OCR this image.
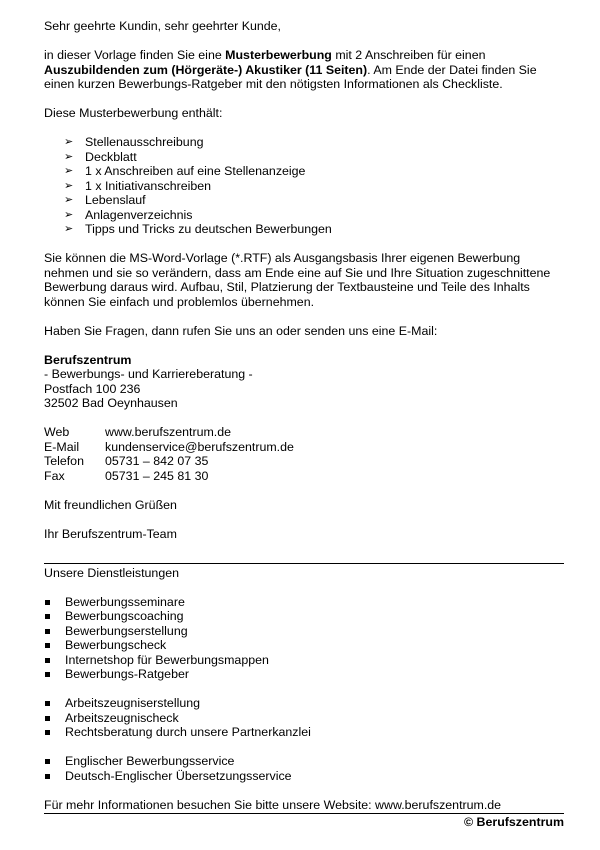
Sehr geehrte Kundin, sehr geehrter Kunde,

in dieser Vorlage finden Sie eine Musterbewerbung mit 2 Anschreiben für einen
Auszubildenden zum (Hörgeräte-) Akustiker (11 Seiten). Am Ende der Datei finden Sie einen kurzen Bewerbungs-Ratgeber mit den nötigsten Informationen als Checkliste.

Diese Musterbewerbung enthält:

➢ Stellenausschreibung
➢ Deckblatt
➢ 1 x Anschreiben auf eine Stellenanzeige
➢ 1 x Initiativanschreiben
➢ Lebenslauf
➢ Anlagenverzeichnis
➢ Tipps und Tricks zu deutschen Bewerbungen

Sie können die MS-Word-Vorlage (*.RTF) als Ausgangsbasis Ihrer eigenen Bewerbung nehmen und sie so verändern, dass am Ende eine auf Sie und Ihre Situation zugeschnittene Bewerbung daraus wird. Aufbau, Stil, Platzierung der Textbausteine und Teile des Inhalts können Sie einfach und problemlos übernehmen.

Haben Sie Fragen, dann rufen Sie uns an oder senden uns eine E-Mail:

Berufszentrum

- Bewerbungs- und Karriereberatung -

Postfach 100 236

32502 Bad Oeynhausen

Web	www.berufszentrum.de
E-Mail	kundenservice@berufszentrum.de
Telefon	05731 – 842 07 35
Fax	05731 – 245 81 30

Mit freundlichen Grüßen

Ihr Berufszentrum-Team

Unsere Dienstleistungen

Bewerbungsseminare
Bewerbungscoaching
Bewerbungserstellung
Bewerbungscheck
Internetshop für Bewerbungsmappen
Bewerbungs-Ratgeber
Arbeitszeugniserstellung
Arbeitszeugnischeck
Rechtsberatung durch unsere Partnerkanzlei
Englischer Bewerbungsservice
Deutsch-Englischer Übersetzungsservice

Für mehr Informationen besuchen Sie bitte unsere Website: www.berufszentrum.de

© Berufszentrum
